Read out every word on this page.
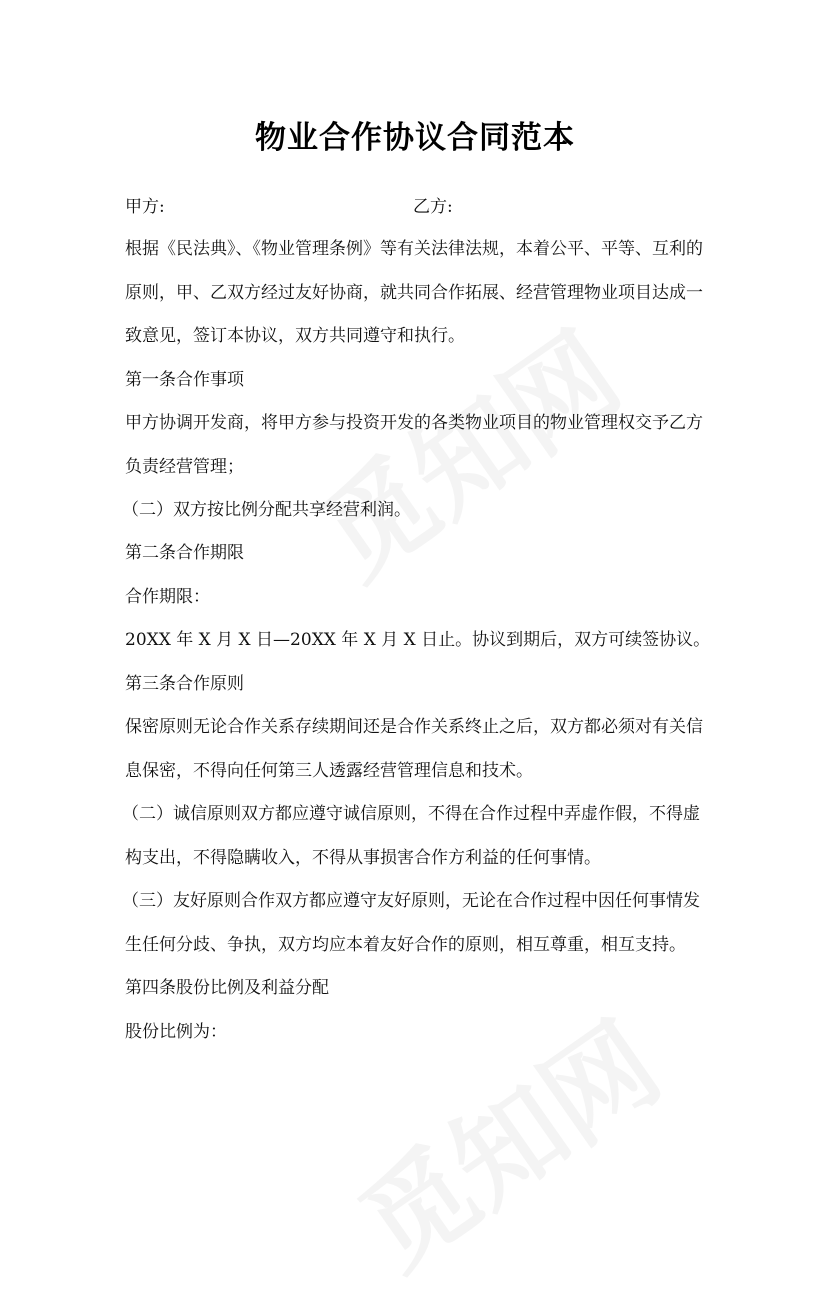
物业合作协议合同范本
甲方:	乙方:
根据《民法典》、《物业管理条例》等有关法律法规，本着公平、平等、互利的
原则，甲、乙双方经过友好协商，就共同合作拓展、经营管理物业项目达成一
致意见，签订本协议，双方共同遵守和执行。
第一条合作事项
甲方协调开发商，将甲方参与投资开发的各类物业项目的物业管理权交予乙方
负责经营管理；
（二）双方按比例分配共享经营利润。
第二条合作期限
合作期限：
20XX 年 X 月 X 日—20XX 年 X 月 X 日止。协议到期后，双方可续签协议。
第三条合作原则
保密原则无论合作关系存续期间还是合作关系终止之后，双方都必须对有关信
息保密，不得向任何第三人透露经营管理信息和技术。
（二）诚信原则双方都应遵守诚信原则，不得在合作过程中弄虚作假，不得虚
构支出，不得隐瞒收入，不得从事损害合作方利益的任何事情。
（三）友好原则合作双方都应遵守友好原则，无论在合作过程中因任何事情发
生任何分歧、争执，双方均应本着友好合作的原则，相互尊重，相互支持。
第四条股份比例及利益分配
股份比例为：
